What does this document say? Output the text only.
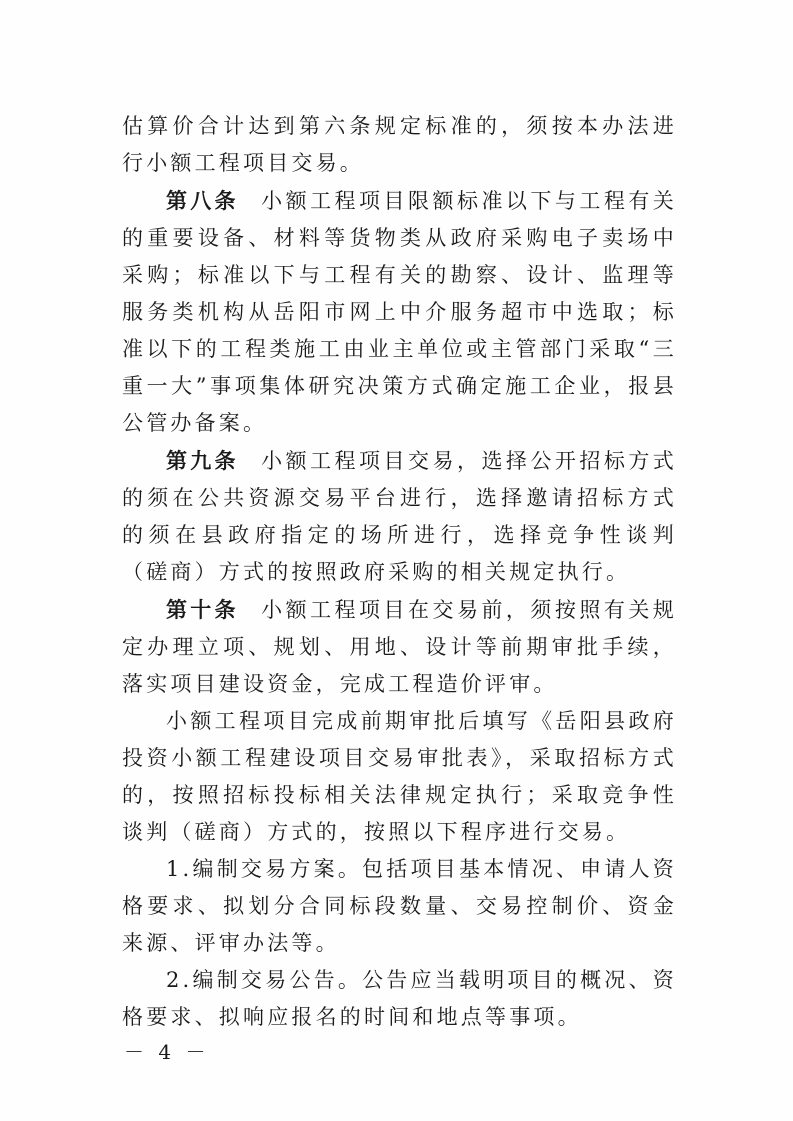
估算价合计达到第六条规定标准的，须按本办法进行小额工程项目交易。

第八条 小额工程项目限额标准以下与工程有关的重要设备、材料等货物类从政府采购电子卖场中采购；标准以下与工程有关的勘察、设计、监理等服务类机构从岳阳市网上中介服务超市中选取；标准以下的工程类施工由业主单位或主管部门采取“三重一大”事项集体研究决策方式确定施工企业，报县公管办备案。

第九条 小额工程项目交易，选择公开招标方式的须在公共资源交易平台进行，选择邀请招标方式的须在县政府指定的场所进行，选择竞争性谈判（磋商）方式的按照政府采购的相关规定执行。

第十条 小额工程项目在交易前，须按照有关规定办理立项、规划、用地、设计等前期审批手续，落实项目建设资金，完成工程造价评审。

小额工程项目完成前期审批后填写《岳阳县政府投资小额工程建设项目交易审批表》，采取招标方式的，按照招标投标相关法律规定执行；采取竞争性谈判（磋商）方式的，按照以下程序进行交易。

1.编制交易方案。包括项目基本情况、申请人资格要求、拟划分合同标段数量、交易控制价、资金来源、评审办法等。

2.编制交易公告。公告应当载明项目的概况、资格要求、拟响应报名的时间和地点等事项。

－ 4 －
